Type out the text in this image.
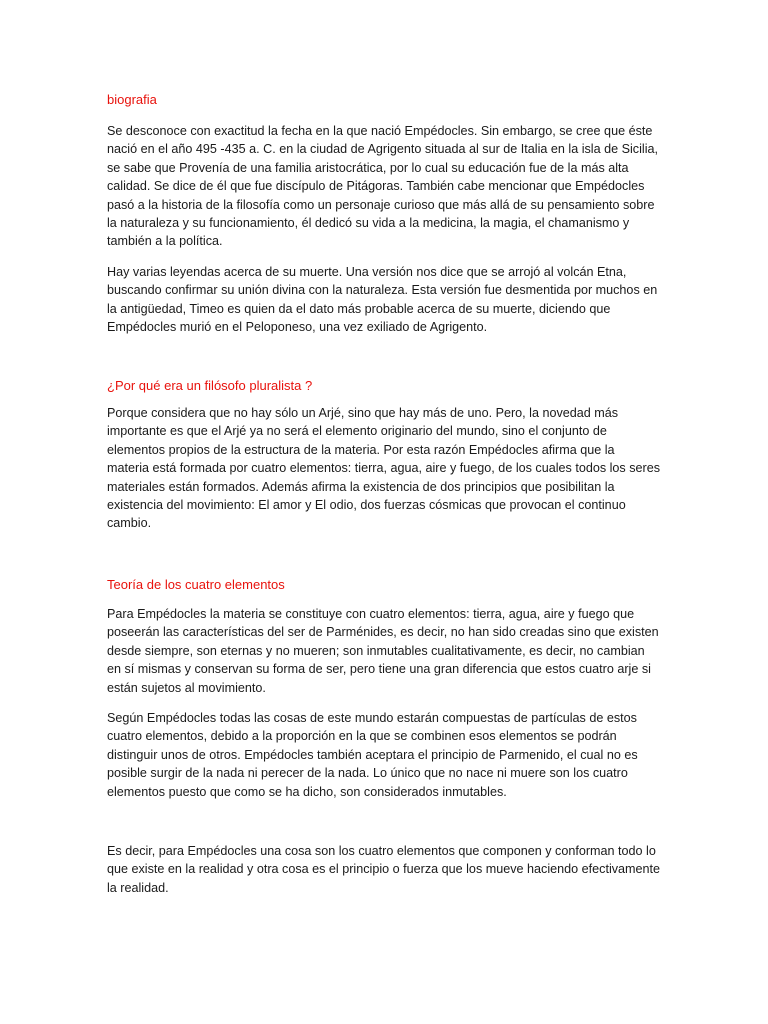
biografia
Se desconoce con exactitud la fecha en la que nació Empédocles. Sin embargo, se cree que éste
nació en el año 495 -435 a. C. en la ciudad de Agrigento situada al sur de Italia en la isla de Sicilia,
se sabe que Provenía de una familia aristocrática, por lo cual su educación fue de la más alta
calidad. Se dice de él que fue discípulo de Pitágoras. También cabe mencionar que Empédocles
pasó a la historia de la filosofía como un personaje curioso que más allá de su pensamiento sobre
la naturaleza y su funcionamiento, él dedicó su vida a la medicina, la magia, el chamanismo y
también a la política.
Hay varias leyendas acerca de su muerte. Una versión nos dice que se arrojó al volcán Etna,
buscando confirmar su unión divina con la naturaleza. Esta versión fue desmentida por muchos en
la antigüedad, Timeo es quien da el dato más probable acerca de su muerte, diciendo que
Empédocles murió en el Peloponeso, una vez exiliado de Agrigento.
¿Por qué era un filósofo pluralista ?
Porque considera que no hay sólo un Arjé, sino que hay más de uno. Pero, la novedad más
importante es que el Arjé ya no será el elemento originario del mundo, sino el conjunto de
elementos propios de la estructura de la materia. Por esta razón Empédocles afirma que la
materia está formada por cuatro elementos: tierra, agua, aire y fuego, de los cuales todos los seres
materiales están formados. Además afirma la existencia de dos principios que posibilitan la
existencia del movimiento: El amor y El odio, dos fuerzas cósmicas que provocan el continuo
cambio.
Teoría de los cuatro elementos
Para Empédocles la materia se constituye con cuatro elementos: tierra, agua, aire y fuego que
poseerán las características del ser de Parménides, es decir, no han sido creadas sino que existen
desde siempre, son eternas y no mueren; son inmutables cualitativamente, es decir, no cambian
en sí mismas y conservan su forma de ser, pero tiene una gran diferencia que estos cuatro arje si
están sujetos al movimiento.
Según Empédocles todas las cosas de este mundo estarán compuestas de partículas de estos
cuatro elementos, debido a la proporción en la que se combinen esos elementos se podrán
distinguir unos de otros. Empédocles también aceptara el principio de Parmenido, el cual no es
posible surgir de la nada ni perecer de la nada. Lo único que no nace ni muere son los cuatro
elementos puesto que como se ha dicho, son considerados inmutables.
Es decir, para Empédocles una cosa son los cuatro elementos que componen y conforman todo lo
que existe en la realidad y otra cosa es el principio o fuerza que los mueve haciendo efectivamente
la realidad.
